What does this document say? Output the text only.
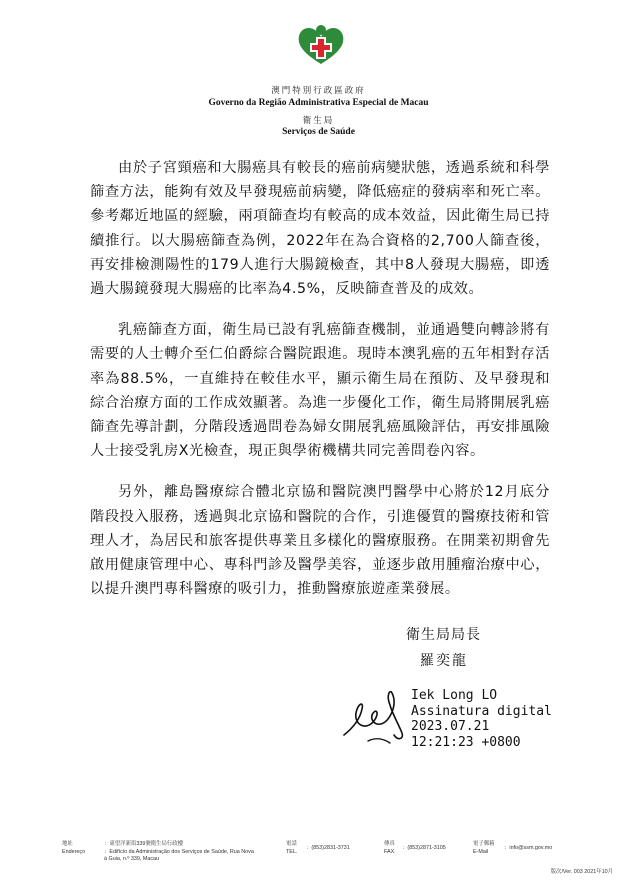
澳門特別行政區政府
Governo da Região Administrativa Especial de Macau
衛生局
Serviços de Saúde

由於子宮頸癌和大腸癌具有較長的癌前病變狀態，透過系統和科學篩查方法，能夠有效及早發現癌前病變，降低癌症的發病率和死亡率。參考鄰近地區的經驗，兩項篩查均有較高的成本效益，因此衛生局已持續推行。以大腸癌篩查為例，2022年在為合資格的2,700人篩查後，再安排檢測陽性的179人進行大腸鏡檢查，其中8人發現大腸癌，即透過大腸鏡發現大腸癌的比率為4.5%，反映篩查普及的成效。

乳癌篩查方面，衛生局已設有乳癌篩查機制，並通過雙向轉診將有需要的人士轉介至仁伯爵綜合醫院跟進。現時本澳乳癌的五年相對存活率為88.5%，一直維持在較佳水平，顯示衛生局在預防、及早發現和綜合治療方面的工作成效顯著。為進一步優化工作，衛生局將開展乳癌篩查先導計劃，分階段透過問卷為婦女開展乳癌風險評估，再安排風險人士接受乳房X光檢查，現正與學術機構共同完善問卷內容。

另外，離島醫療綜合體北京協和醫院澳門醫學中心將於12月底分階段投入服務，透過與北京協和醫院的合作，引進優質的醫療技術和管理人才，為居民和旅客提供專業且多樣化的醫療服務。在開業初期會先啟用健康管理中心、專科門診及醫學美容，並逐步啟用腫瘤治療中心，以提升澳門專科醫療的吸引力，推動醫療旅遊產業發展。

衛生局局長
羅奕龍
Iek Long LO
Assinatura digital
2023.07.21
12:21:23 +0800
地址
Endereço
：東望洋新街339號衛生局行政樓
：Edifício da Administração dos Serviços de Saúde, Rua Nova à Guia, n.º 339, Macau
電話
TEL.
：(853)2831-3731
傳真
FAX.
：(853)2871-3105
電子郵箱
E-Mail
：info@ssm.gov.mo
版次/Ver. 003 2021年10月
